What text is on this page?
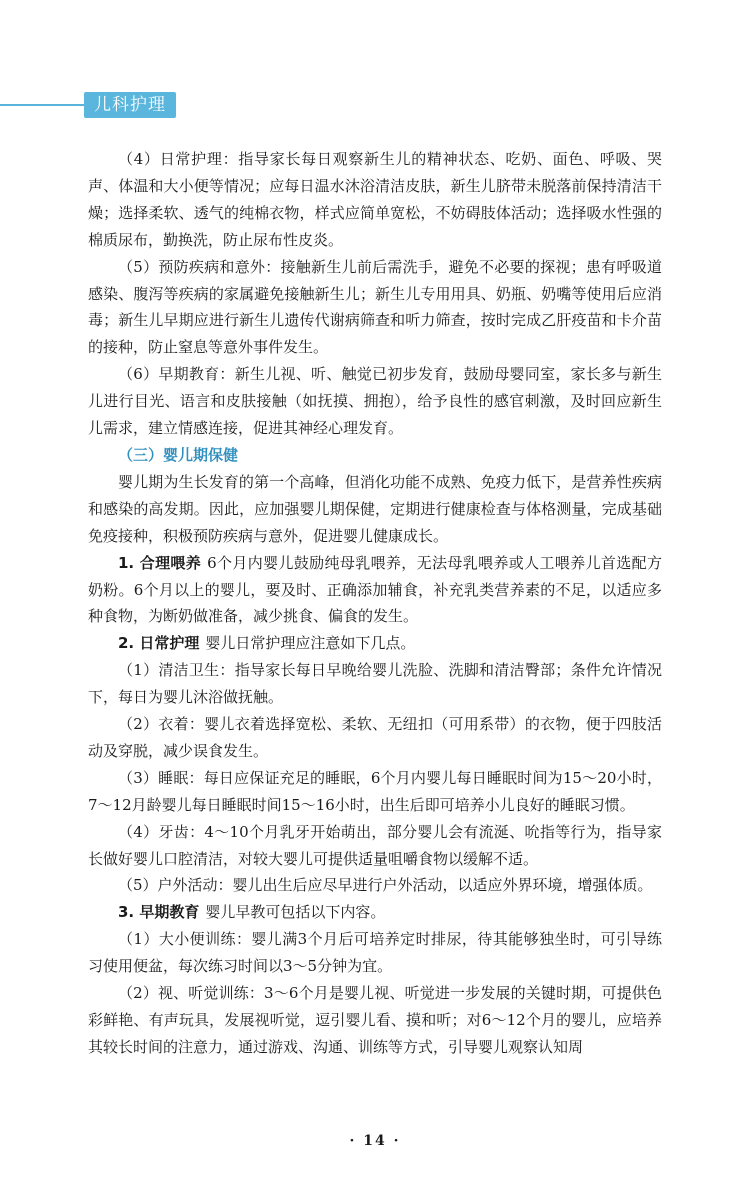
儿科护理

（4）日常护理：指导家长每日观察新生儿的精神状态、吃奶、面色、呼吸、哭声、体温和大小便等情况；应每日温水沐浴清洁皮肤，新生儿脐带未脱落前保持清洁干燥；选择柔软、透气的纯棉衣物，样式应简单宽松，不妨碍肢体活动；选择吸水性强的棉质尿布，勤换洗，防止尿布性皮炎。

（5）预防疾病和意外：接触新生儿前后需洗手，避免不必要的探视；患有呼吸道感染、腹泻等疾病的家属避免接触新生儿；新生儿专用用具、奶瓶、奶嘴等使用后应消毒；新生儿早期应进行新生儿遗传代谢病筛查和听力筛查，按时完成乙肝疫苗和卡介苗的接种，防止窒息等意外事件发生。

（6）早期教育：新生儿视、听、触觉已初步发育，鼓励母婴同室，家长多与新生儿进行目光、语言和皮肤接触（如抚摸、拥抱），给予良性的感官刺激，及时回应新生儿需求，建立情感连接，促进其神经心理发育。

（三）婴儿期保健

婴儿期为生长发育的第一个高峰，但消化功能不成熟、免疫力低下，是营养性疾病和感染的高发期。因此，应加强婴儿期保健，定期进行健康检查与体格测量，完成基础免疫接种，积极预防疾病与意外，促进婴儿健康成长。

1. 合理喂养 6个月内婴儿鼓励纯母乳喂养，无法母乳喂养或人工喂养儿首选配方奶粉。6个月以上的婴儿，要及时、正确添加辅食，补充乳类营养素的不足，以适应多种食物，为断奶做准备，减少挑食、偏食的发生。

2. 日常护理 婴儿日常护理应注意如下几点。

（1）清洁卫生：指导家长每日早晚给婴儿洗脸、洗脚和清洁臀部；条件允许情况下，每日为婴儿沐浴做抚触。

（2）衣着：婴儿衣着选择宽松、柔软、无纽扣（可用系带）的衣物，便于四肢活动及穿脱，减少误食发生。

（3）睡眠：每日应保证充足的睡眠，6个月内婴儿每日睡眠时间为15～20小时，7～12月龄婴儿每日睡眠时间15～16小时，出生后即可培养小儿良好的睡眠习惯。

（4）牙齿：4～10个月乳牙开始萌出，部分婴儿会有流涎、吮指等行为，指导家长做好婴儿口腔清洁，对较大婴儿可提供适量咀嚼食物以缓解不适。

（5）户外活动：婴儿出生后应尽早进行户外活动，以适应外界环境，增强体质。

3. 早期教育 婴儿早教可包括以下内容。

（1）大小便训练：婴儿满3个月后可培养定时排尿，待其能够独坐时，可引导练习使用便盆，每次练习时间以3～5分钟为宜。

（2）视、听觉训练：3～6个月是婴儿视、听觉进一步发展的关键时期，可提供色彩鲜艳、有声玩具，发展视听觉，逗引婴儿看、摸和听；对6～12个月的婴儿，应培养其较长时间的注意力，通过游戏、沟通、训练等方式，引导婴儿观察认知周

· 14 ·
